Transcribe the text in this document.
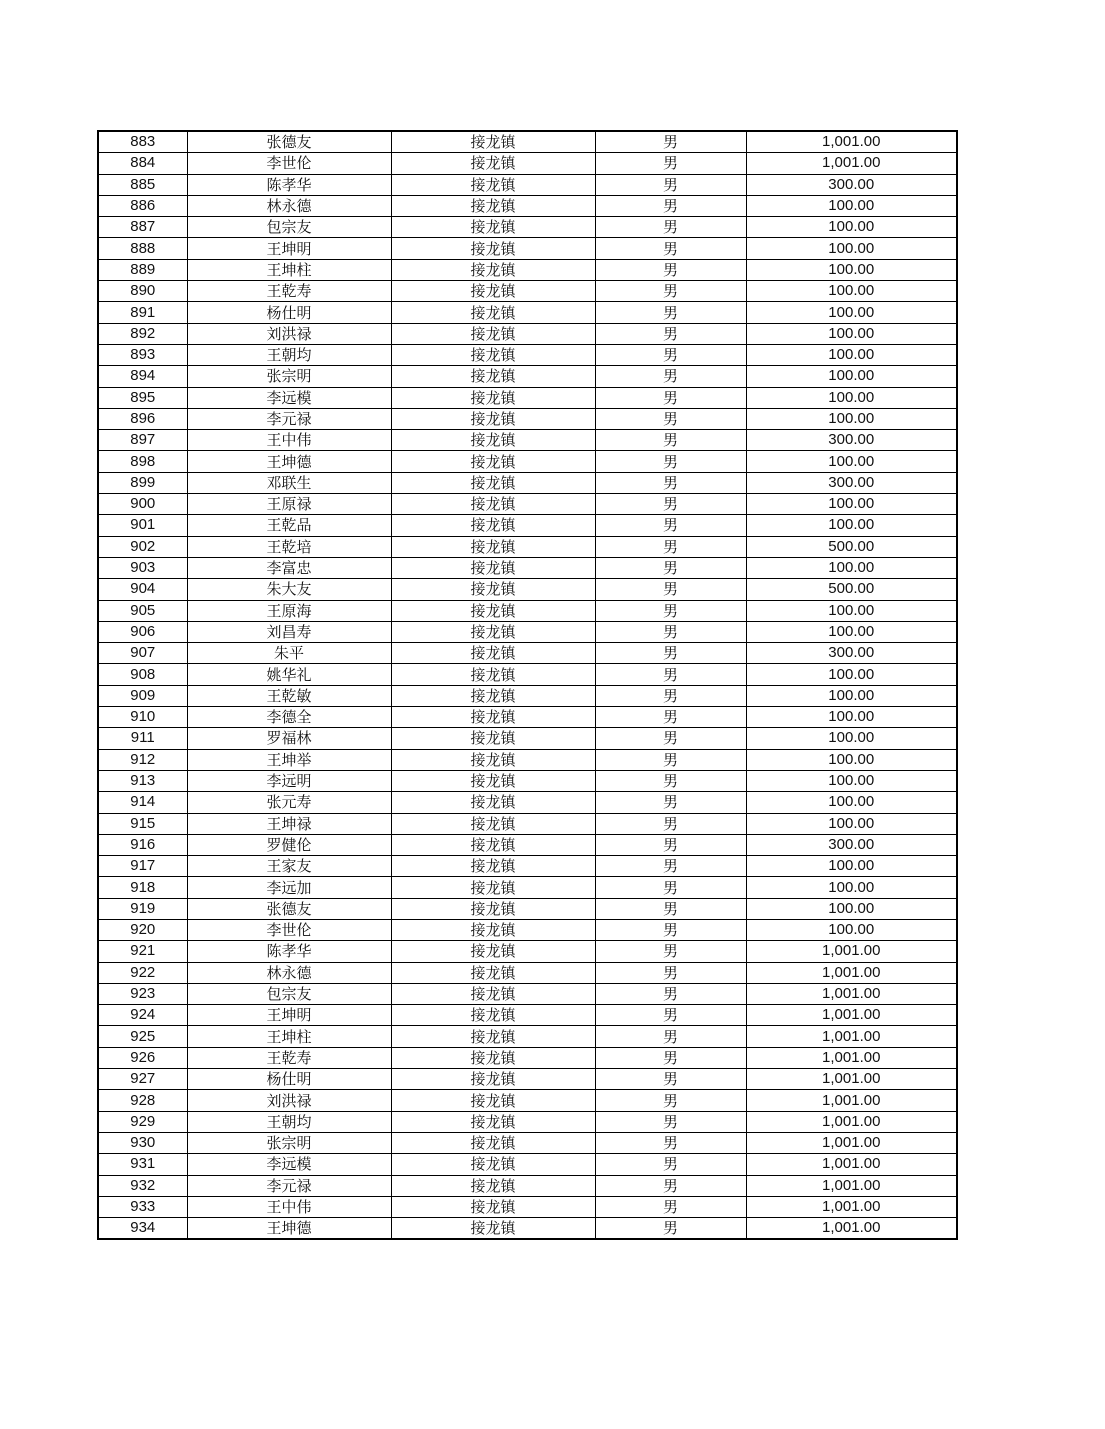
883	张德友	接龙镇	男	1,001.00
884	李世伦	接龙镇	男	1,001.00
885	陈孝华	接龙镇	男	300.00
886	林永德	接龙镇	男	100.00
887	包宗友	接龙镇	男	100.00
888	王坤明	接龙镇	男	100.00
889	王坤柱	接龙镇	男	100.00
890	王乾寿	接龙镇	男	100.00
891	杨仕明	接龙镇	男	100.00
892	刘洪禄	接龙镇	男	100.00
893	王朝均	接龙镇	男	100.00
894	张宗明	接龙镇	男	100.00
895	李远模	接龙镇	男	100.00
896	李元禄	接龙镇	男	100.00
897	王中伟	接龙镇	男	300.00
898	王坤德	接龙镇	男	100.00
899	邓联生	接龙镇	男	300.00
900	王原禄	接龙镇	男	100.00
901	王乾品	接龙镇	男	100.00
902	王乾培	接龙镇	男	500.00
903	李富忠	接龙镇	男	100.00
904	朱大友	接龙镇	男	500.00
905	王原海	接龙镇	男	100.00
906	刘昌寿	接龙镇	男	100.00
907	朱平	接龙镇	男	300.00
908	姚华礼	接龙镇	男	100.00
909	王乾敏	接龙镇	男	100.00
910	李德全	接龙镇	男	100.00
911	罗福林	接龙镇	男	100.00
912	王坤举	接龙镇	男	100.00
913	李远明	接龙镇	男	100.00
914	张元寿	接龙镇	男	100.00
915	王坤禄	接龙镇	男	100.00
916	罗健伦	接龙镇	男	300.00
917	王家友	接龙镇	男	100.00
918	李远加	接龙镇	男	100.00
919	张德友	接龙镇	男	100.00
920	李世伦	接龙镇	男	100.00
921	陈孝华	接龙镇	男	1,001.00
922	林永德	接龙镇	男	1,001.00
923	包宗友	接龙镇	男	1,001.00
924	王坤明	接龙镇	男	1,001.00
925	王坤柱	接龙镇	男	1,001.00
926	王乾寿	接龙镇	男	1,001.00
927	杨仕明	接龙镇	男	1,001.00
928	刘洪禄	接龙镇	男	1,001.00
929	王朝均	接龙镇	男	1,001.00
930	张宗明	接龙镇	男	1,001.00
931	李远模	接龙镇	男	1,001.00
932	李元禄	接龙镇	男	1,001.00
933	王中伟	接龙镇	男	1,001.00
934	王坤德	接龙镇	男	1,001.00
